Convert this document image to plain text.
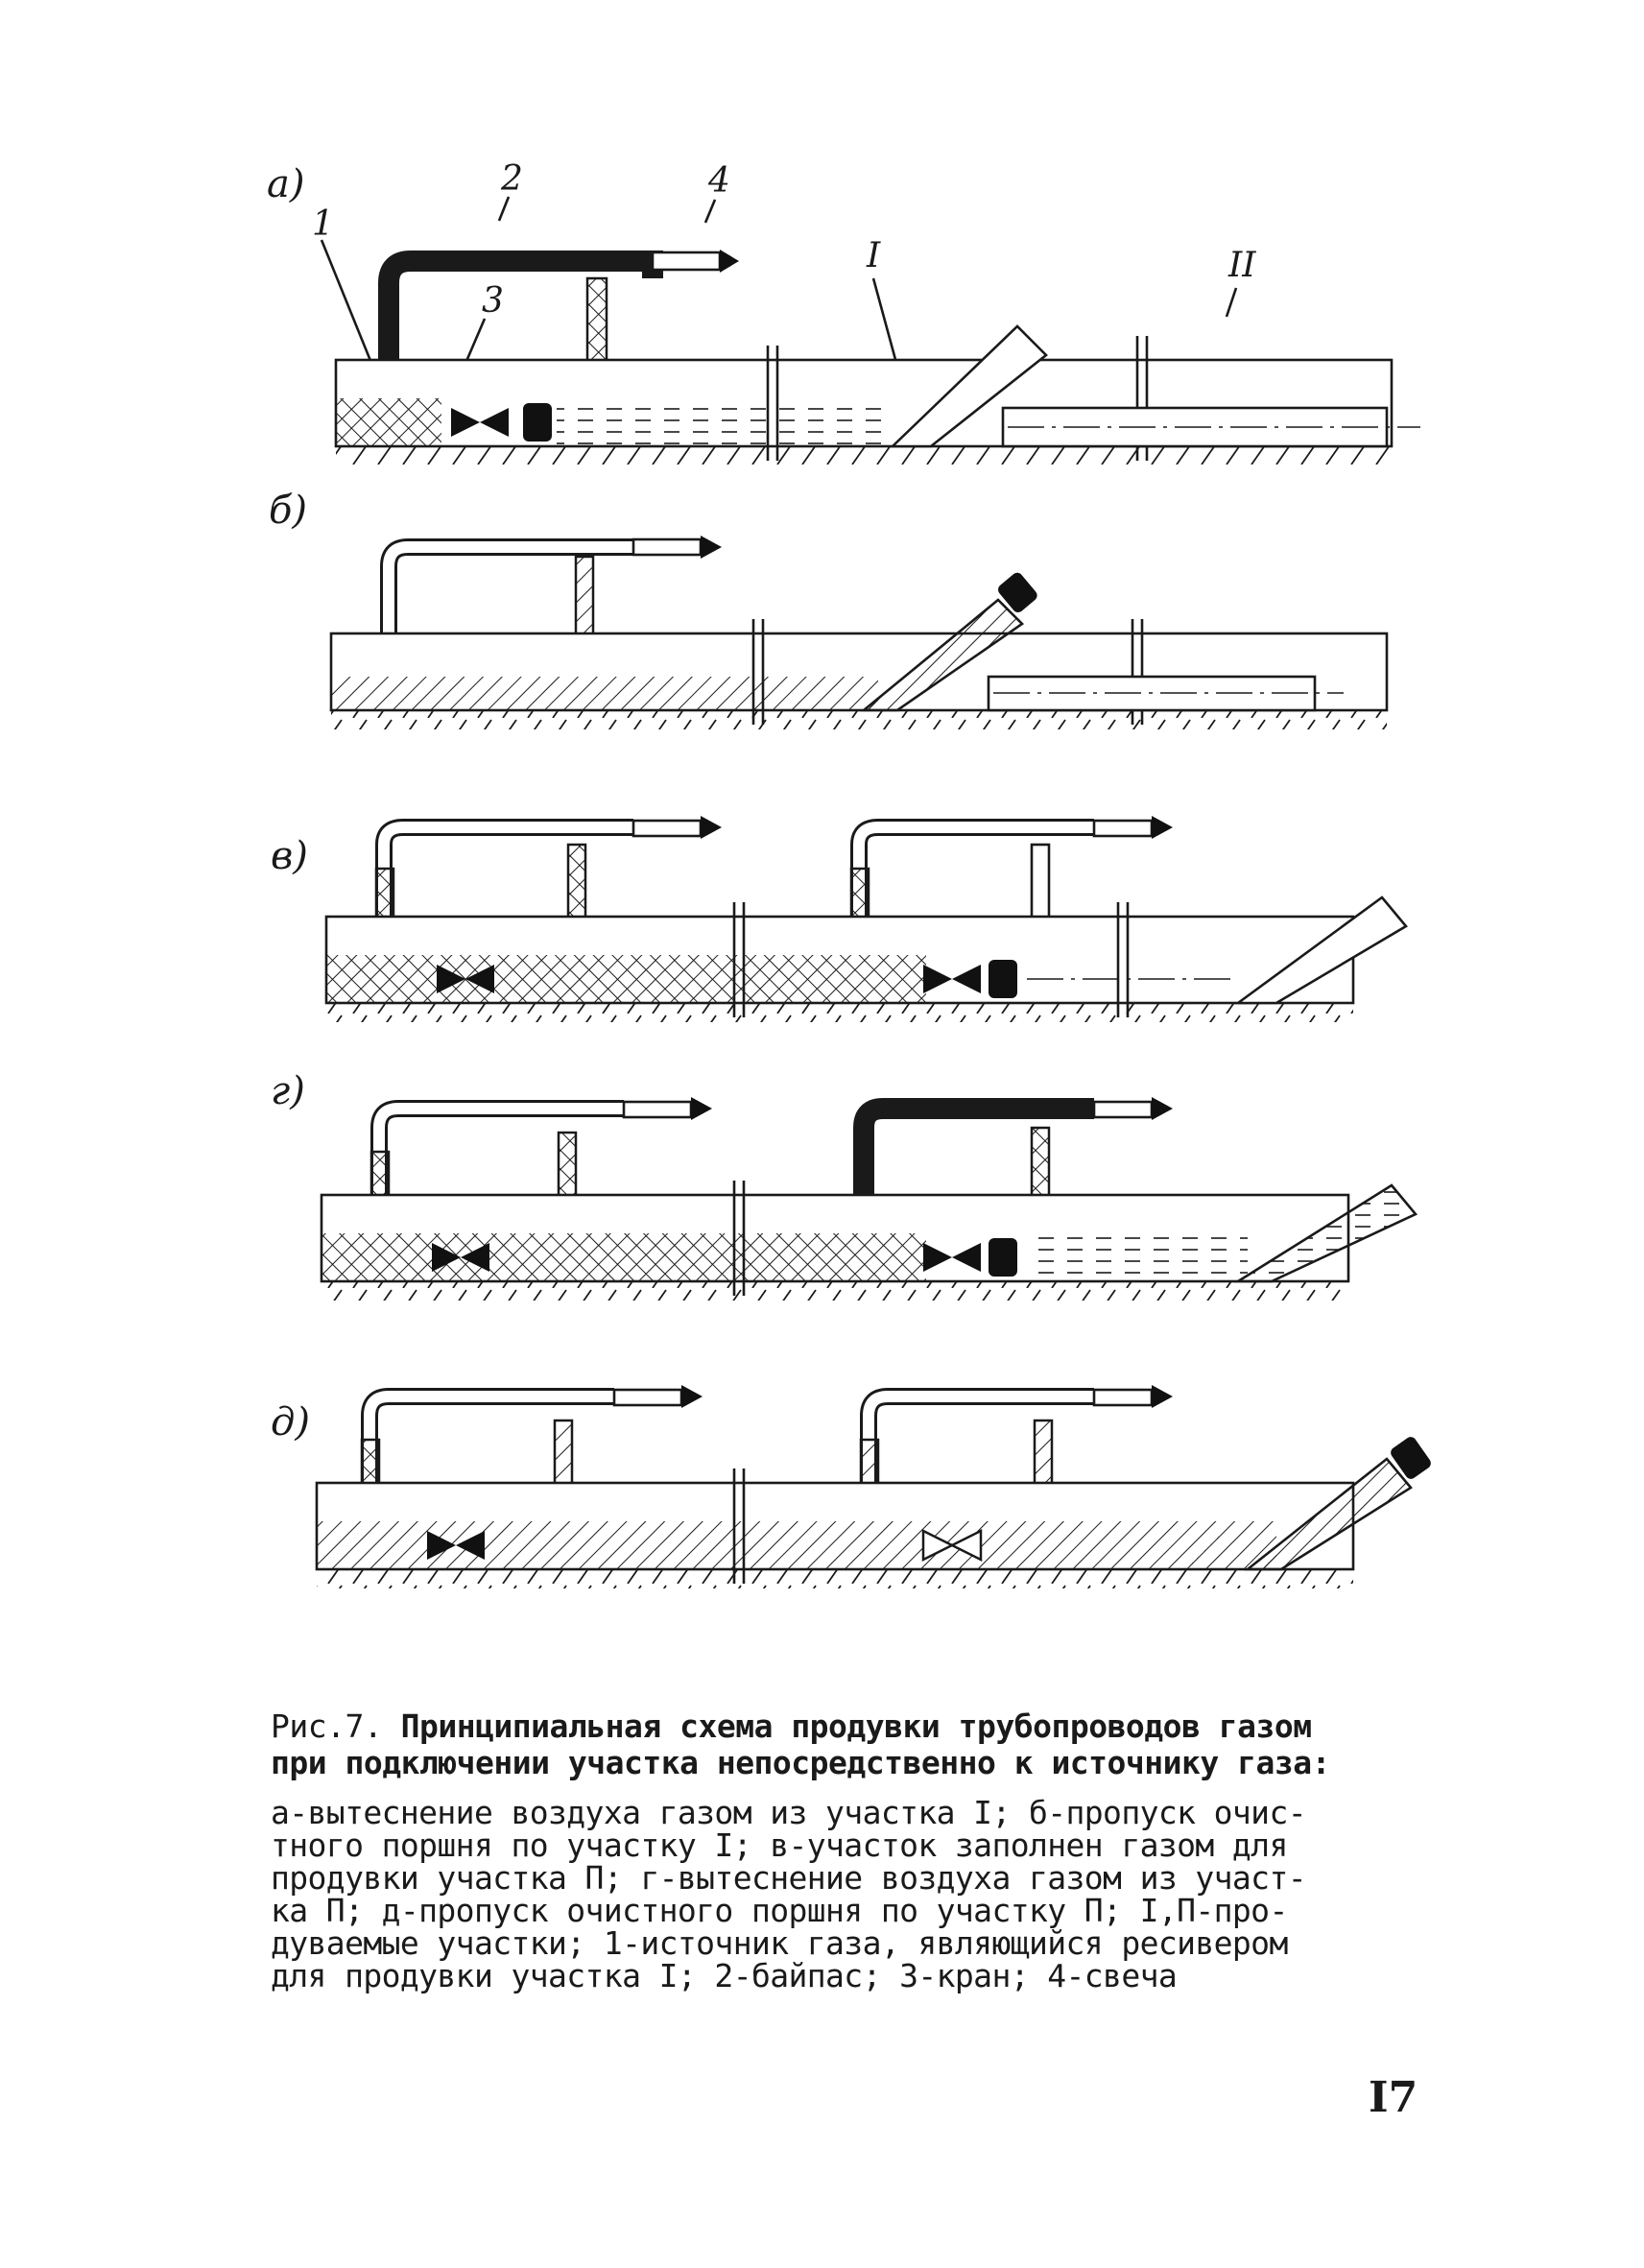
а)
1
2
3
4
I	II
б)
в)
г)
д)
Рис.7. Принципиальная схема продувки трубопроводов газом
при подключении участка непосредственно к источнику газа:
а-вытеснение воздуха газом из участка I; б-пропуск очис-
тного поршня по участку I; в-участок заполнен газом для
продувки участка П; г-вытеснение воздуха газом из участ-
ка П; д-пропуск очистного поршня по участку П; I,П-про-
дуваемые участки; 1-источник газа, являющийся ресивером
для продувки участка I; 2-байпас; 3-кран; 4-свеча
I7
